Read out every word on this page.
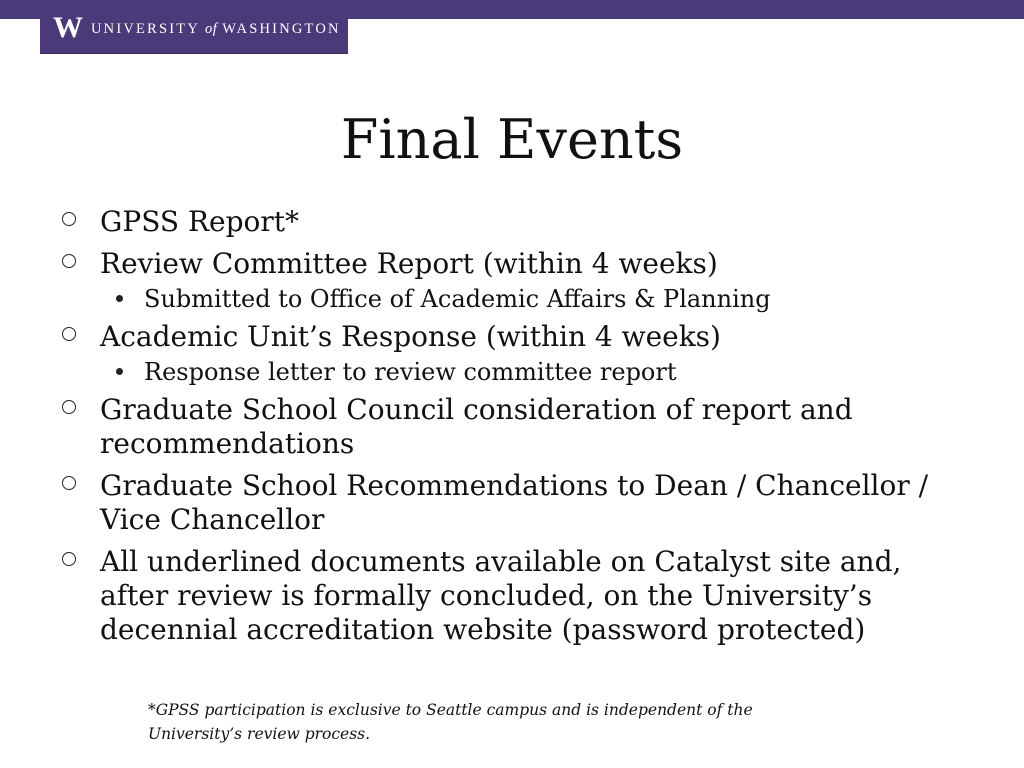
W UNIVERSITY of WASHINGTON
Final Events
GPSS Report*
Review Committee Report (within 4 weeks)
Submitted to Office of Academic Affairs & Planning
Academic Unit’s Response (within 4 weeks)
Response letter to review committee report
Graduate School Council consideration of report and recommendations
Graduate School Recommendations to Dean / Chancellor / Vice Chancellor
All underlined documents available on Catalyst site and, after review is formally concluded, on the University’s decennial accreditation website (password protected)
*GPSS participation is exclusive to Seattle campus and is independent of the University’s review process.
